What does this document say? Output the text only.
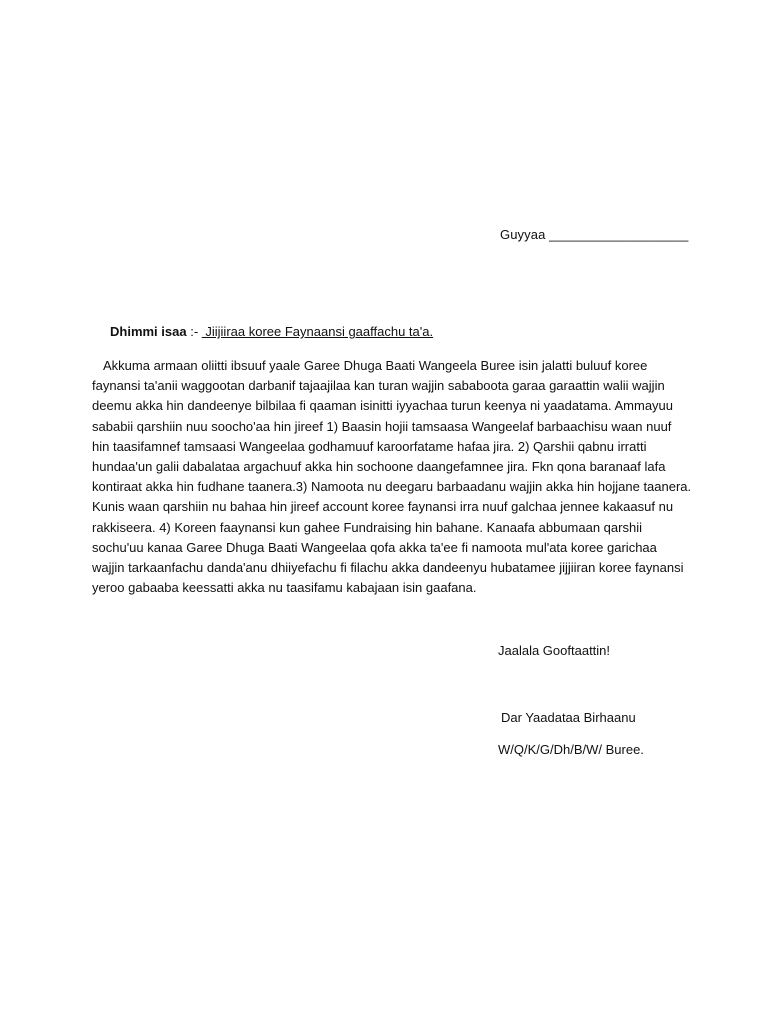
Guyyaa ___________________
Dhimmi isaa :-  Jiijiiraa koree Faynaansi gaaffachu ta'a.

Akkuma armaan oliitti ibsuuf yaale Garee Dhuga Baati Wangeela Buree isin jalatti buluuf koree faynansi ta'anii waggootan darbanif tajaajilaa kan turan wajjin sababoota garaa garaattin walii wajjin deemu akka hin dandeenye bilbilaa fi qaaman isinitti iyyachaa turun keenya ni yaadatama. Ammayuu sababii qarshiin nuu soocho'aa hin jireef 1) Baasin hojii tamsaasa Wangeelaf barbaachisu waan nuuf hin taasifamnef tamsaasi Wangeelaa godhamuuf karoorfatame hafaa jira. 2) Qarshii qabnu irratti hundaa'un galii dabalataa argachuuf akka hin sochoone daangefamnee jira. Fkn qona baranaaf lafa kontiraat akka hin fudhane taanera.3) Namoota nu deegaru barbaadanu wajjin akka hin hojjane taanera. Kunis waan qarshiin nu bahaa hin jireef account koree faynansi irra nuuf galchaa jennee kakaasuf nu rakkiseera. 4) Koreen faaynansi kun gahee Fundraising hin bahane. Kanaafa abbumaan qarshii sochu'uu kanaa Garee Dhuga Baati Wangeelaa qofa akka ta'ee fi namoota mul'ata koree garichaa wajjin tarkaanfachu danda'anu dhiiyefachu fi filachu akka dandeenyu hubatamee jijjiiran koree faynansi yeroo gabaaba keessatti akka nu taasifamu kabajaan isin gaafana.

Jaalala Gooftaattin!
Dar Yaadataa Birhaanu
W/Q/K/G/Dh/B/W/ Buree.
